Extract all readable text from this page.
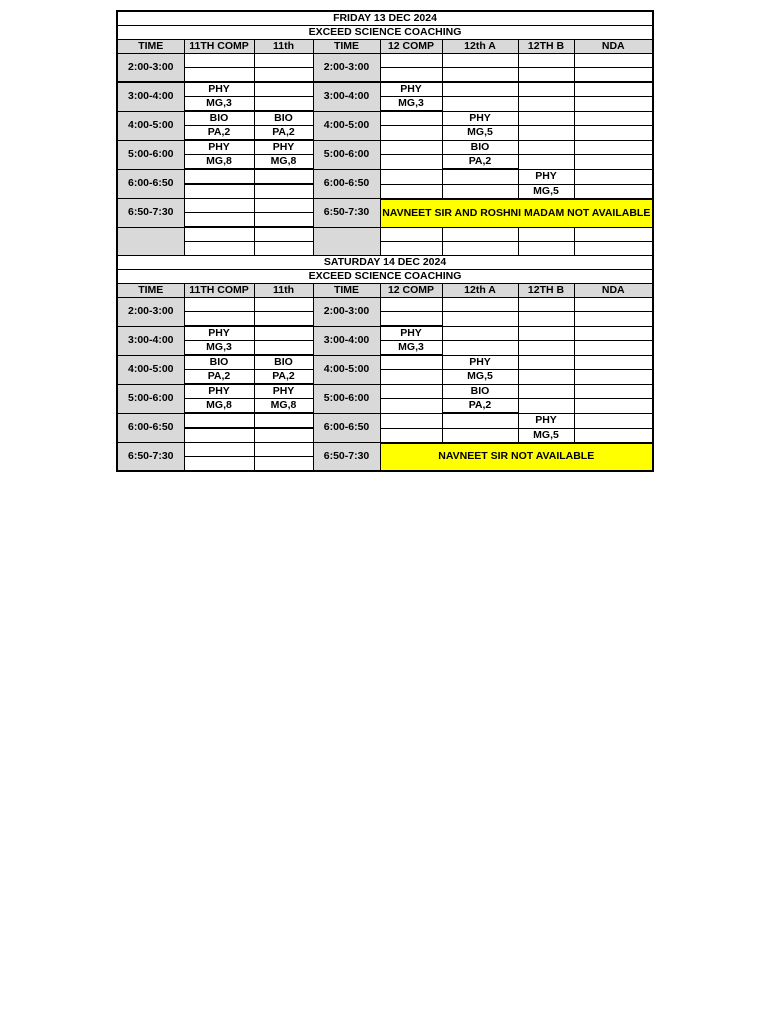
FRIDAY 13 DEC 2024							
EXCEED SCIENCE COACHING							
TIME	11TH COMP	11th	TIME	12 COMP	12th A	12TH B	NDA
2:00-3:00			2:00-3:00				

3:00-4:00	PHY		3:00-4:00	PHY			
	MG,3			MG,3			
4:00-5:00	BIO	BIO	4:00-5:00		PHY		
	PA,2	PA,2			MG,5		
5:00-6:00	PHY	PHY	5:00-6:00		BIO		
	MG,8	MG,8			PA,2		
6:00-6:50			6:00-6:50			PHY	
						MG,5	
6:50-7:30			6:50-7:30	NAVNEET SIR AND ROSHNI MADAM NOT AVAILABLE			

SATURDAY 14 DEC 2024							
EXCEED SCIENCE COACHING							
TIME	11TH COMP	11th	TIME	12 COMP	12th A	12TH B	NDA
2:00-3:00			2:00-3:00				

3:00-4:00	PHY		3:00-4:00	PHY			
	MG,3			MG,3			
4:00-5:00	BIO	BIO	4:00-5:00		PHY		
	PA,2	PA,2			MG,5		
5:00-6:00	PHY	PHY	5:00-6:00		BIO		
	MG,8	MG,8			PA,2		
6:00-6:50			6:00-6:50			PHY	
						MG,5	
6:50-7:30			6:50-7:30	NAVNEET SIR NOT AVAILABLE			
